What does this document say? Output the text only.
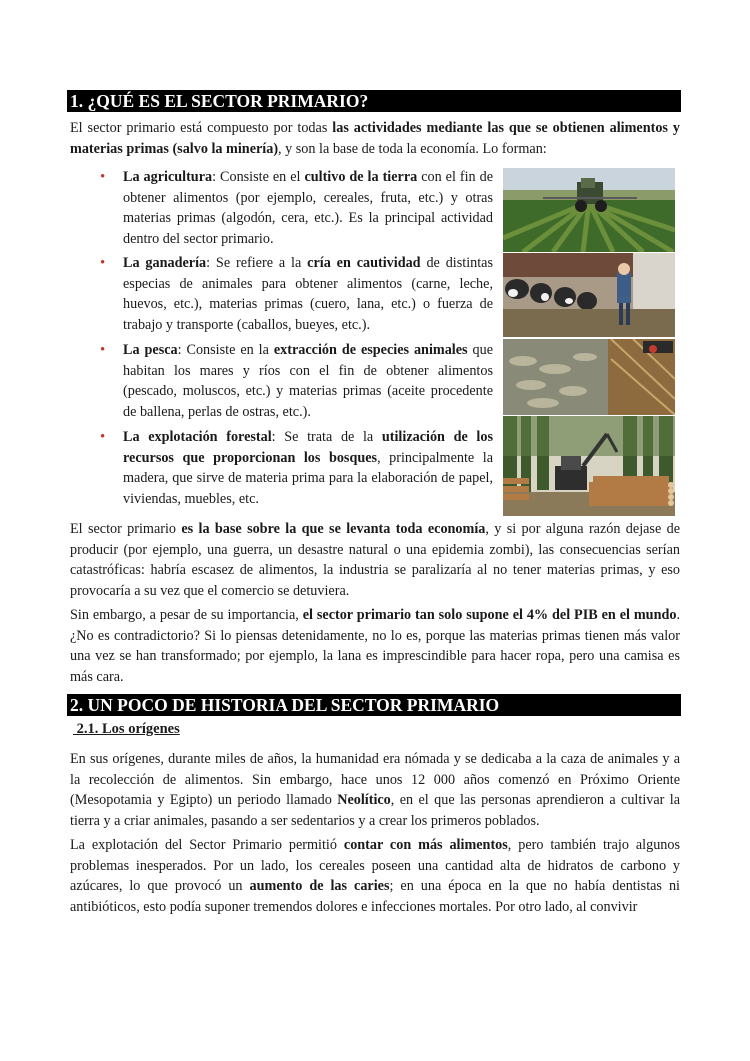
1. ¿QUÉ ES EL SECTOR PRIMARIO?

El sector primario está compuesto por todas las actividades mediante las que se obtienen alimentos y materias primas (salvo la minería), y son la base de toda la economía. Lo forman:

• La agricultura: Consiste en el cultivo de la tierra con el fin de obtener alimentos (por ejemplo, cereales, fruta, etc.) y otras materias primas (algodón, cera, etc.). Es la principal actividad dentro del sector primario.

• La ganadería: Se refiere a la cría en cautividad de distintas especias de animales para obtener alimentos (carne, leche, huevos, etc.), materias primas (cuero, lana, etc.) o fuerza de trabajo y transporte (caballos, bueyes, etc.).

• La pesca: Consiste en la extracción de especies animales que habitan los mares y ríos con el fin de obtener alimentos (pescado, moluscos, etc.) y materias primas (aceite procedente de ballena, perlas de ostras, etc.).

• La explotación forestal: Se trata de la utilización de los recursos que proporcionan los bosques, principalmente la madera, que sirve de materia prima para la elaboración de papel, viviendas, muebles, etc.

El sector primario es la base sobre la que se levanta toda economía, y si por alguna razón dejase de producir (por ejemplo, una guerra, un desastre natural o una epidemia zombi), las consecuencias serían catastróficas: habría escasez de alimentos, la industria se paralizaría al no tener materias primas, y eso provocaría a su vez que el comercio se detuviera.

Sin embargo, a pesar de su importancia, el sector primario tan solo supone el 4% del PIB en el mundo. ¿No es contradictorio? Si lo piensas detenidamente, no lo es, porque las materias primas tienen más valor una vez se han transformado; por ejemplo, la lana es imprescindible para hacer ropa, pero una camisa es más cara.

2. UN POCO DE HISTORIA DEL SECTOR PRIMARIO
2.1. Los orígenes

En sus orígenes, durante miles de años, la humanidad era nómada y se dedicaba a la caza de animales y a la recolección de alimentos. Sin embargo, hace unos 12 000 años comenzó en Próximo Oriente (Mesopotamia y Egipto) un periodo llamado Neolítico, en el que las personas aprendieron a cultivar la tierra y a criar animales, pasando a ser sedentarios y a crear los primeros poblados.

La explotación del Sector Primario permitió contar con más alimentos, pero también trajo algunos problemas inesperados. Por un lado, los cereales poseen una cantidad alta de hidratos de carbono y azúcares, lo que provocó un aumento de las caries; en una época en la que no había dentistas ni antibióticos, esto podía suponer tremendos dolores e infecciones mortales. Por otro lado, al convivir
